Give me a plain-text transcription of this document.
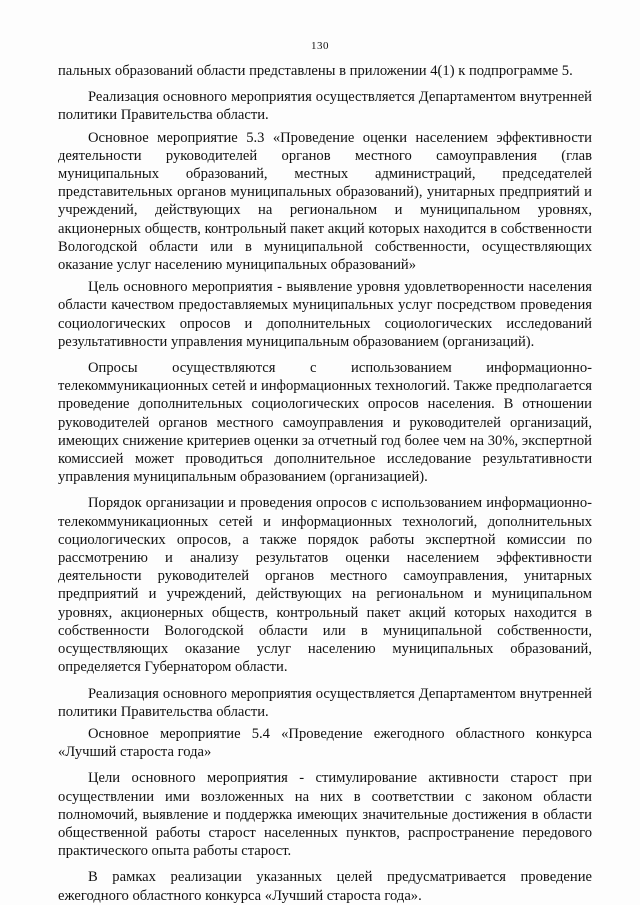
130

пальных образований области представлены в приложении 4(1) к подпрограмме 5.

Реализация основного мероприятия осуществляется Департаментом внутренней политики Правительства области.

Основное мероприятие 5.3 «Проведение оценки населением эффективности деятельности руководителей органов местного самоуправления (глав муниципальных образований, местных администраций, председателей представительных органов муниципальных образований), унитарных предприятий и учреждений, действующих на региональном и муниципальном уровнях, акционерных обществ, контрольный пакет акций которых находится в собственности Вологодской области или в муниципальной собственности, осуществляющих оказание услуг населению муниципальных образований»

Цель основного мероприятия - выявление уровня удовлетворенности населения области качеством предоставляемых муниципальных услуг посредством проведения социологических опросов и дополнительных социологических исследований результативности управления муниципальным образованием (организаций).

Опросы осуществляются с использованием информационно-телекоммуникационных сетей и информационных технологий. Также предполагается проведение дополнительных социологических опросов населения. В отношении руководителей органов местного самоуправления и руководителей организаций, имеющих снижение критериев оценки за отчетный год более чем на 30%, экспертной комиссией может проводиться дополнительное исследование результативности управления муниципальным образованием (организацией).

Порядок организации и проведения опросов с использованием информационно-телекоммуникационных сетей и информационных технологий, дополнительных социологических опросов, а также порядок работы экспертной комиссии по рассмотрению и анализу результатов оценки населением эффективности деятельности руководителей органов местного самоуправления, унитарных предприятий и учреждений, действующих на региональном и муниципальном уровнях, акционерных обществ, контрольный пакет акций которых находится в собственности Вологодской области или в муниципальной собственности, осуществляющих оказание услуг населению муниципальных образований, определяется Губернатором области.

Реализация основного мероприятия осуществляется Департаментом внутренней политики Правительства области.

Основное мероприятие 5.4 «Проведение ежегодного областного конкурса «Лучший староста года»

Цели основного мероприятия - стимулирование активности старост при осуществлении ими возложенных на них в соответствии с законом области полномочий, выявление и поддержка имеющих значительные достижения в области общественной работы старост населенных пунктов, распространение передового практического опыта работы старост.

В рамках реализации указанных целей предусматривается проведение ежегодного областного конкурса «Лучший староста года».
